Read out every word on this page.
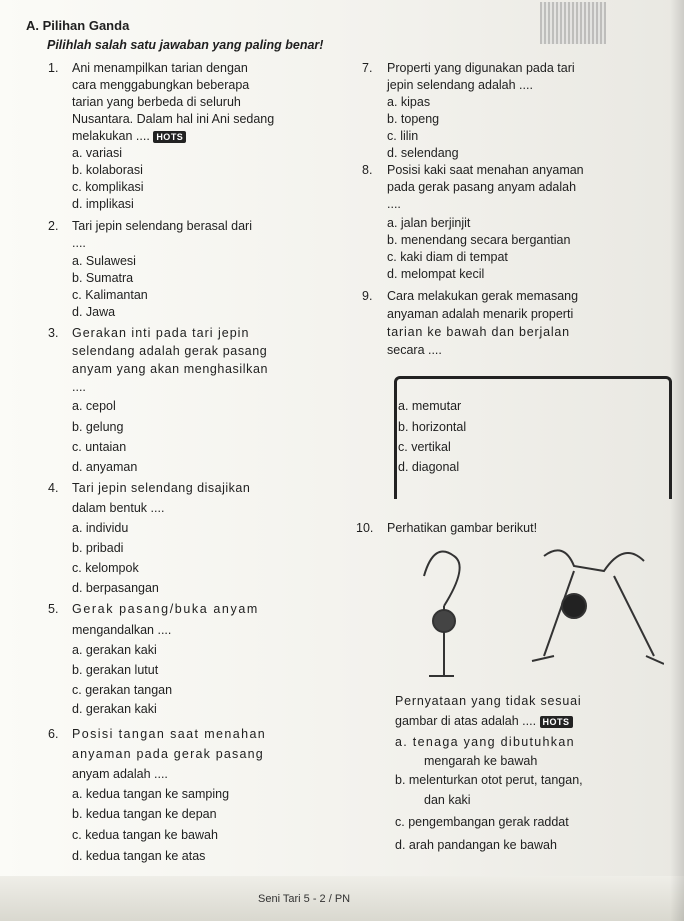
A. Pilihan Ganda
Pilihlah salah satu jawaban yang paling benar!
1. Ani menampilkan tarian dengan
cara menggabungkan beberapa
tarian yang berbeda di seluruh
Nusantara. Dalam hal ini Ani sedang
melakukan .... HOTS
a. variasi
b. kolaborasi
c. komplikasi
d. implikasi
2. Tari jepin selendang berasal dari
....
a. Sulawesi
b. Sumatra
c. Kalimantan
d. Jawa
3. Gerakan inti pada tari jepin
selendang adalah gerak pasang
anyam yang akan menghasilkan
....
a. cepol
b. gelung
c. untaian
d. anyaman
4. Tari jepin selendang disajikan
dalam bentuk ....
a. individu
b. pribadi
c. kelompok
d. berpasangan
5. Gerak pasang/buka anyam
mengandalkan ....
a. gerakan kaki
b. gerakan lutut
c. gerakan tangan
d. gerakan kaki
6. Posisi tangan saat menahan
anyaman pada gerak pasang
anyam adalah ....
a. kedua tangan ke samping
b. kedua tangan ke depan
c. kedua tangan ke bawah
d. kedua tangan ke atas
7. Properti yang digunakan pada tari
jepin selendang adalah ....
a. kipas
b. topeng
c. lilin
d. selendang
8. Posisi kaki saat menahan anyaman
pada gerak pasang anyam adalah
....
a. jalan berjinjit
b. menendang secara bergantian
c. kaki diam di tempat
d. melompat kecil
9. Cara melakukan gerak memasang
anyaman adalah menarik properti
tarian ke bawah dan berjalan
secara ....
a. memutar
b. horizontal
c. vertikal
d. diagonal
10. Perhatikan gambar berikut!
Pernyataan yang tidak sesuai
gambar di atas adalah .... HOTS
a. tenaga yang dibutuhkan
mengarah ke bawah
b. melenturkan otot perut, tangan,
dan kaki
c. pengembangan gerak raddat
d. arah pandangan ke bawah
Seni Tari 5 - 2 / PN
